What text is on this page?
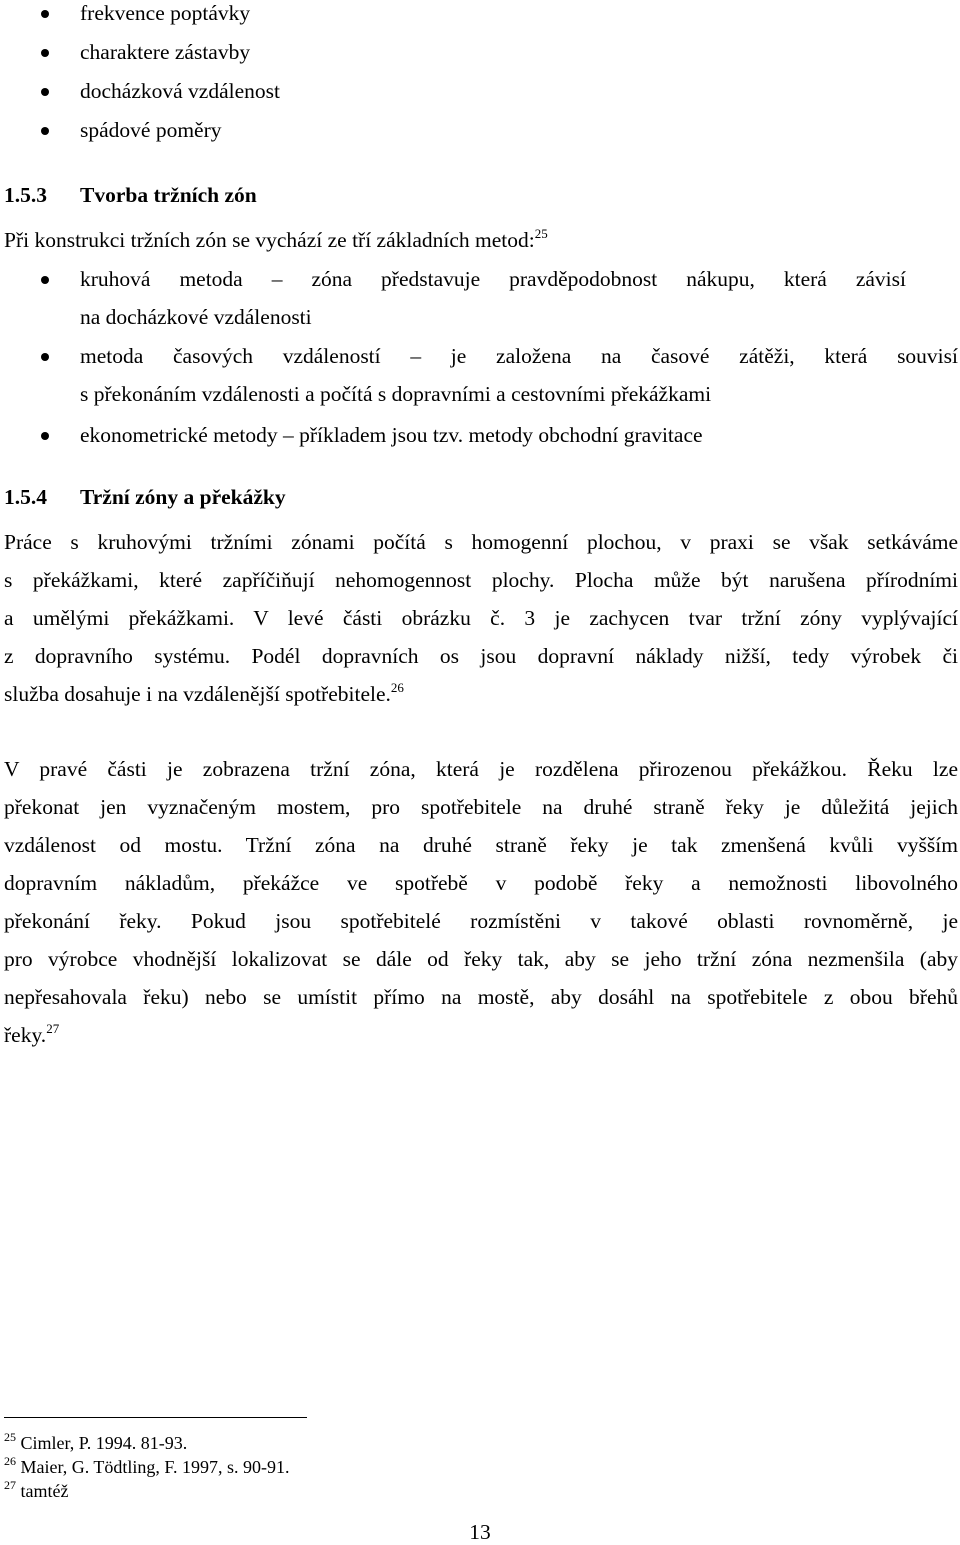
frekvence poptávky
charaktere zástavby
docházková vzdálenost
spádové poměry
1.5.3 Tvorba tržních zón
Při konstrukci tržních zón se vychází ze tří základních metod:$^{25}$
kruhová metoda – zóna představuje pravděpodobnost nákupu, která závisí
na docházkové vzdálenosti
metoda časových vzdáleností – je založena na časové zátěži, která souvisí
s překonáním vzdálenosti a počítá s dopravními a cestovními překážkami
ekonometrické metody – příkladem jsou tzv. metody obchodní gravitace
1.5.4 Tržní zóny a překážky
Práce s kruhovými tržními zónami počítá s homogenní plochou, v praxi se však setkáváme
s překážkami, které zapříčiňují nehomogennost plochy. Plocha může být narušena přírodními
a umělými překážkami. V levé části obrázku č. 3 je zachycen tvar tržní zóny vyplývající
z dopravního systému. Podél dopravních os jsou dopravní náklady nižší, tedy výrobek či
služba dosahuje i na vzdálenější spotřebitele.$^{26}$
V pravé části je zobrazena tržní zóna, která je rozdělena přirozenou překážkou. Řeku lze
překonat jen vyznačeným mostem, pro spotřebitele na druhé straně řeky je důležitá jejich
vzdálenost od mostu. Tržní zóna na druhé straně řeky je tak zmenšená kvůli vyšším
dopravním nákladům, překážce ve spotřebě v podobě řeky a nemožnosti libovolného
překonání řeky. Pokud jsou spotřebitelé rozmístěni v takové oblasti rovnoměrně, je
pro výrobce vhodnější lokalizovat se dále od řeky tak, aby se jeho tržní zóna nezmenšila (aby
nepřesahovala řeku) nebo se umístit přímo na mostě, aby dosáhl na spotřebitele z obou břehů
řeky.$^{27}$
$^{25}$ Cimler, P. 1994. 81-93.
$^{26}$ Maier, G. Tödtling, F. 1997, s. 90-91.
$^{27}$ tamtéž
13
